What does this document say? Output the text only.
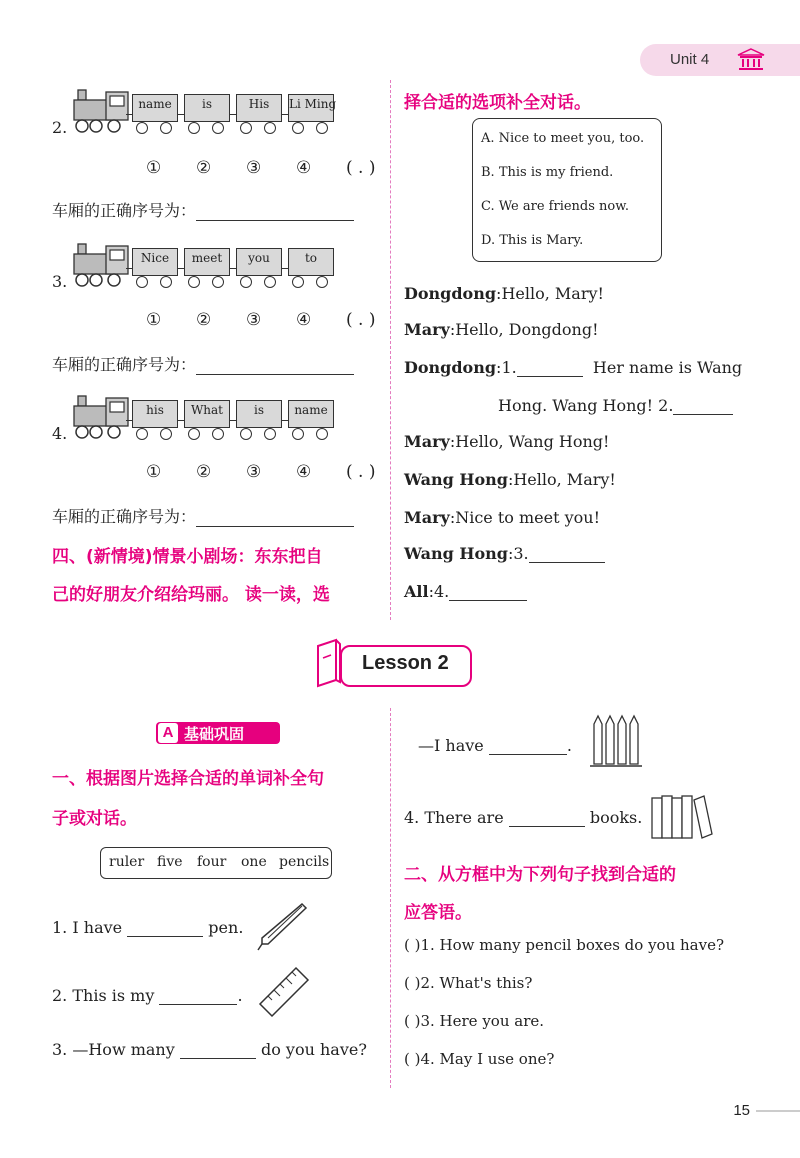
Unit 4
2.
name	is	His	Li Ming
① ② ③ ④ ( . )
车厢的正确序号为：
3.
Nice	meet	you	to
① ② ③ ④ ( . )
车厢的正确序号为：
4.
his	What	is	name
① ② ③ ④ ( . )
车厢的正确序号为：
四、(新情境)情景小剧场：东东把自
己的好朋友介绍给玛丽。 读一读，选
择合适的选项补全对话。
A. Nice to meet you, too.
B. This is my friend.
C. We are friends now.
D. This is Mary.
Dongdong:Hello, Mary!
Mary:Hello, Dongdong!
Dongdong:1.	Her name is Wang
Hong. Wang Hong! 2.
Mary:Hello, Wang Hong!
Wang Hong:Hello, Mary!
Mary:Nice to meet you!
Wang Hong:3.
All:4.
Lesson 2
A 基础巩固
一、根据图片选择合适的单词补全句
子或对话。
ruler five four one pencils
1. I have	pen.
2. This is my	.
3. —How many	do you have?
—I have	.
4. There are	books.
二、从方框中为下列句子找到合适的
应答语。
( )1. How many pencil boxes do you have?
( )2. What's this?
( )3. Here you are.
( )4. May I use one?
15
